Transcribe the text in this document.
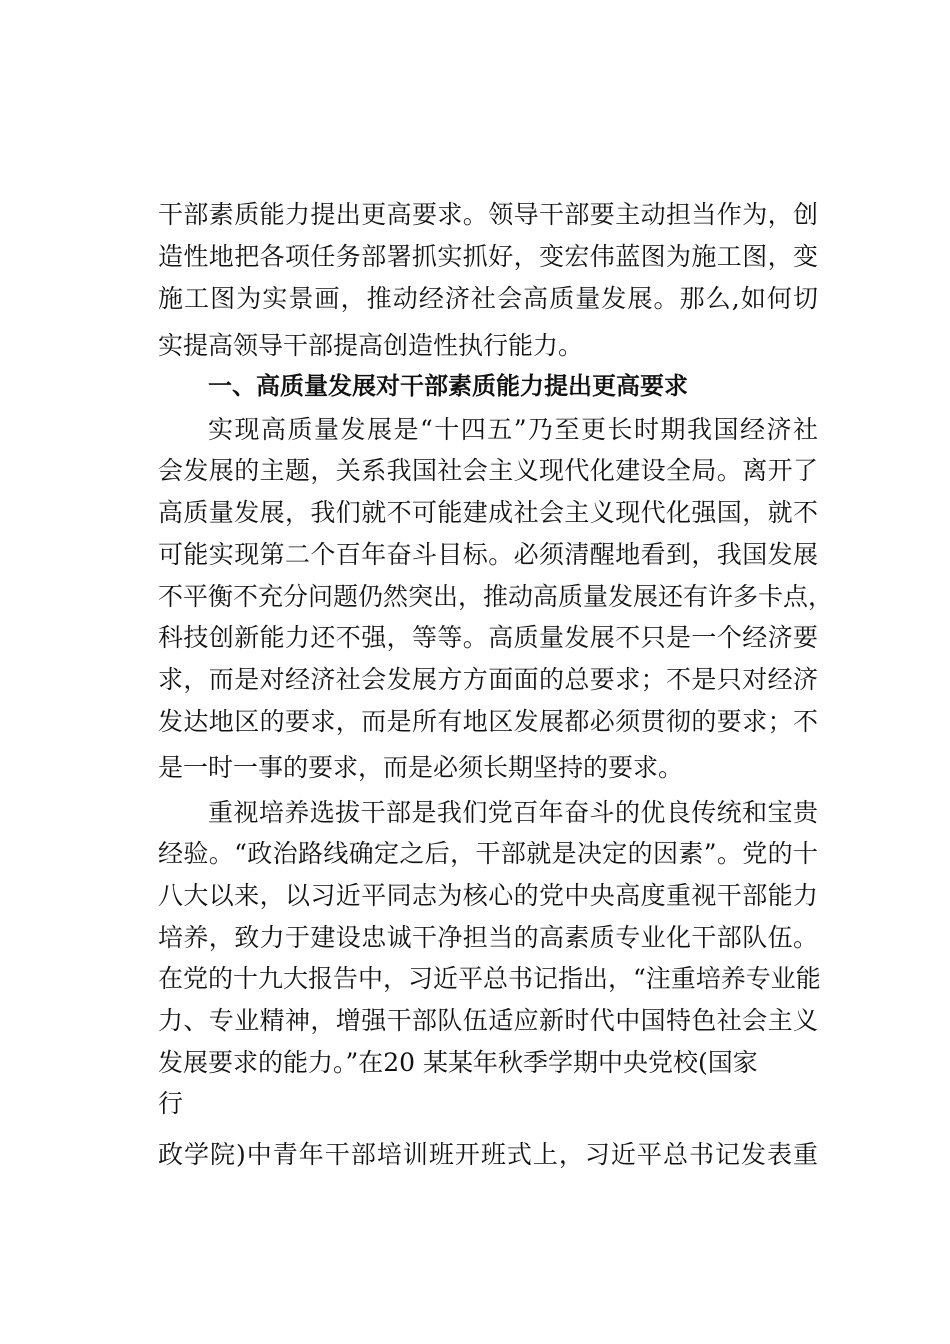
干部素质能力提出更高要求。领导干部要主动担当作为，创
造性地把各项任务部署抓实抓好，变宏伟蓝图为施工图，变
施工图为实景画，推动经济社会高质量发展。那么,如何切
实提高领导干部提高创造性执行能力。
一、高质量发展对干部素质能力提出更高要求
实现高质量发展是“十四五”乃至更长时期我国经济社
会发展的主题，关系我国社会主义现代化建设全局。离开了
高质量发展，我们就不可能建成社会主义现代化强国，就不
可能实现第二个百年奋斗目标。必须清醒地看到，我国发展
不平衡不充分问题仍然突出，推动高质量发展还有许多卡点，
科技创新能力还不强，等等。高质量发展不只是一个经济要
求，而是对经济社会发展方方面面的总要求；不是只对经济
发达地区的要求，而是所有地区发展都必须贯彻的要求；不
是一时一事的要求，而是必须长期坚持的要求。
重视培养选拔干部是我们党百年奋斗的优良传统和宝贵
经验。“政治路线确定之后，干部就是决定的因素”。党的十
八大以来，以习近平同志为核心的党中央高度重视干部能力
培养，致力于建设忠诚干净担当的高素质专业化干部队伍。
在党的十九大报告中，习近平总书记指出，“注重培养专业能
力、专业精神，增强干部队伍适应新时代中国特色社会主义
发展要求的能力。”在20 某某年秋季学期中央党校(国家
行
政学院)中青年干部培训班开班式上，习近平总书记发表重
